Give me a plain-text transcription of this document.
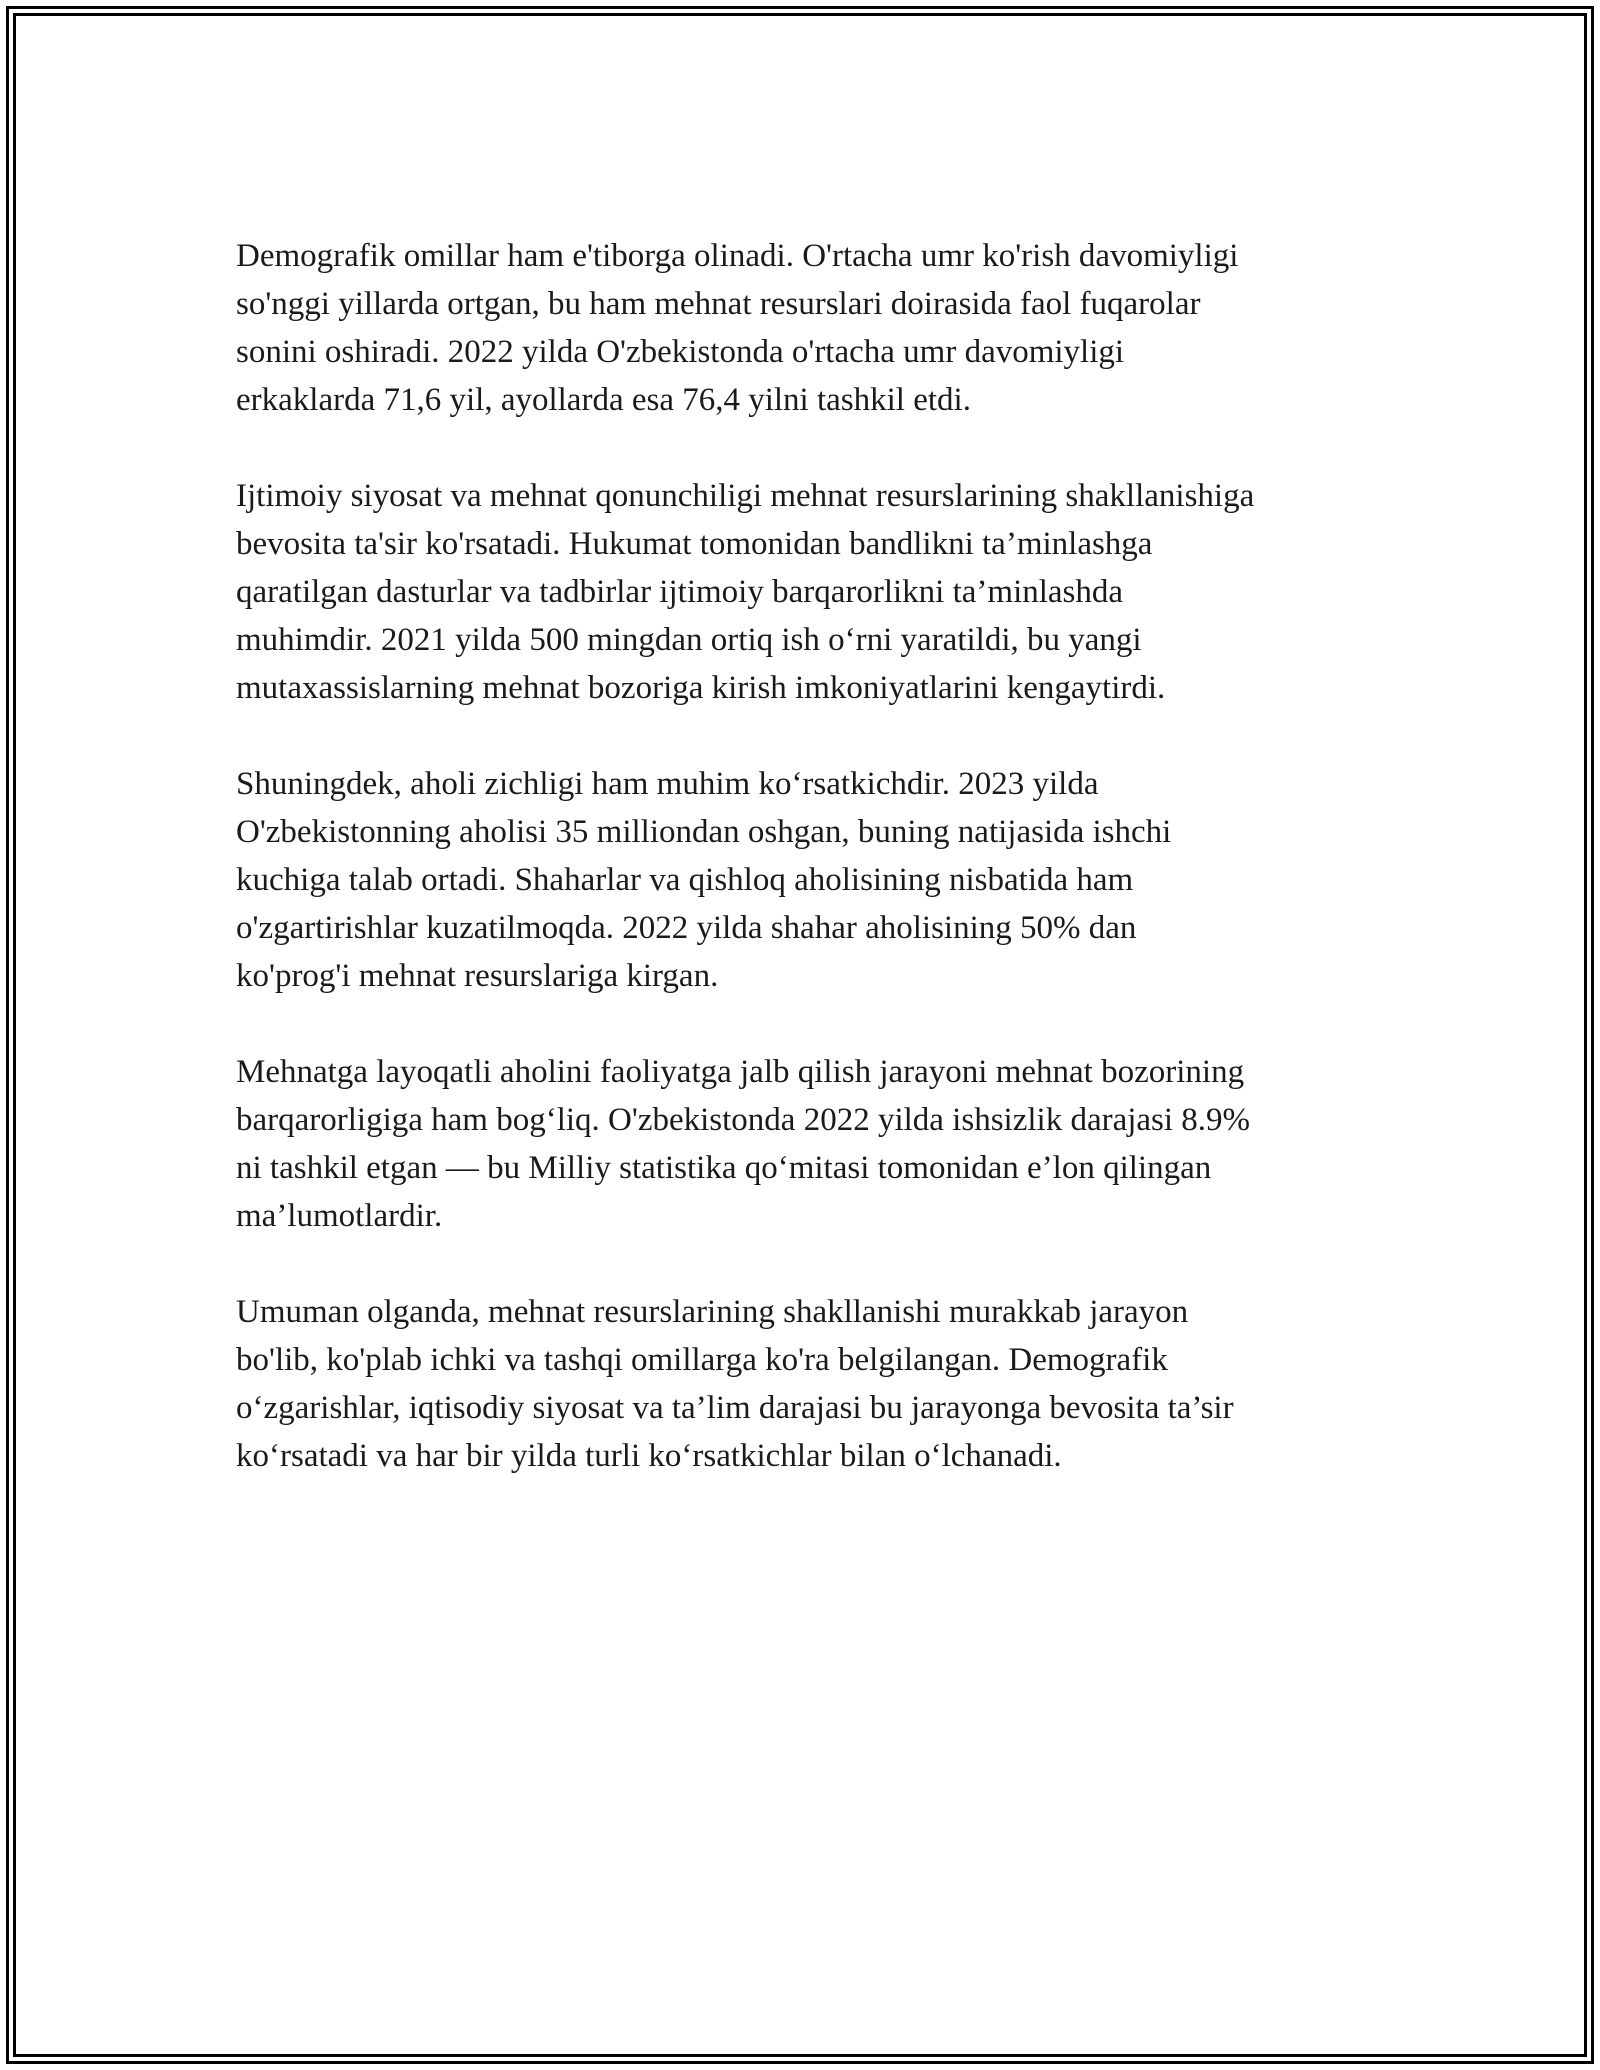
Demografik omillar ham e'tiborga olinadi. O'rtacha umr ko'rish davomiyligi
so'nggi yillarda ortgan, bu ham mehnat resurslari doirasida faol fuqarolar
sonini oshiradi. 2022 yilda O'zbekistonda o'rtacha umr davomiyligi
erkaklarda 71,6 yil, ayollarda esa 76,4 yilni tashkil etdi.

Ijtimoiy siyosat va mehnat qonunchiligi mehnat resurslarining shakllanishiga
bevosita ta'sir ko'rsatadi. Hukumat tomonidan bandlikni ta’minlashga
qaratilgan dasturlar va tadbirlar ijtimoiy barqarorlikni ta’minlashda
muhimdir. 2021 yilda 500 mingdan ortiq ish o‘rni yaratildi, bu yangi
mutaxassislarning mehnat bozoriga kirish imkoniyatlarini kengaytirdi.

Shuningdek, aholi zichligi ham muhim ko‘rsatkichdir. 2023 yilda
O'zbekistonning aholisi 35 milliondan oshgan, buning natijasida ishchi
kuchiga talab ortadi. Shaharlar va qishloq aholisining nisbatida ham
o'zgartirishlar kuzatilmoqda. 2022 yilda shahar aholisining 50% dan
ko'prog'i mehnat resurslariga kirgan.

Mehnatga layoqatli aholini faoliyatga jalb qilish jarayoni mehnat bozorining
barqarorligiga ham bog‘liq. O'zbekistonda 2022 yilda ishsizlik darajasi 8.9%
ni tashkil etgan — bu Milliy statistika qo‘mitasi tomonidan e’lon qilingan
ma’lumotlardir.

Umuman olganda, mehnat resurslarining shakllanishi murakkab jarayon
bo'lib, ko'plab ichki va tashqi omillarga ko'ra belgilangan. Demografik
o‘zgarishlar, iqtisodiy siyosat va ta’lim darajasi bu jarayonga bevosita ta’sir
ko‘rsatadi va har bir yilda turli ko‘rsatkichlar bilan o‘lchanadi.
